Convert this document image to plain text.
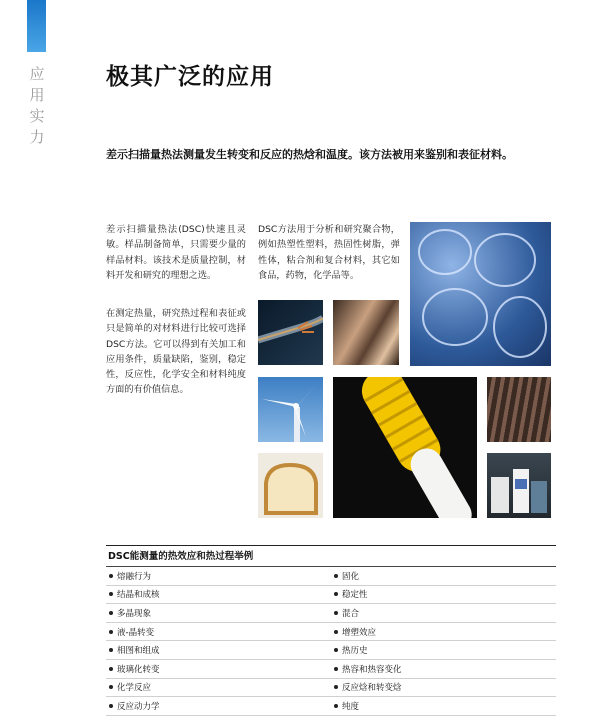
应用实力
极其广泛的应用
差示扫描量热法测量发生转变和反应的热焓和温度。该方法被用来鉴别和表征材料。
差示扫描量热法(DSC)快速且灵敏。样品制备简单，只需要少量的样品材料。该技术是质量控制，材料开发和研究的理想之选。
在测定热量，研究热过程和表征或只是简单的对材料进行比较可选择DSC方法。它可以得到有关加工和应用条件，质量缺陷，鉴别，稳定性，反应性，化学安全和材料纯度方面的有价值信息。
DSC方法用于分析和研究聚合物，例如热塑性塑料，热固性树脂，弹性体，粘合剂和复合材料，其它如食品，药物，化学品等。
DSC能测量的热效应和热过程举例
熔融行为	固化
结晶和成核	稳定性
多晶现象	混合
液-晶转变	增塑效应
相图和组成	热历史
玻璃化转变	热容和热容变化
化学反应	反应焓和转变焓
反应动力学	纯度
